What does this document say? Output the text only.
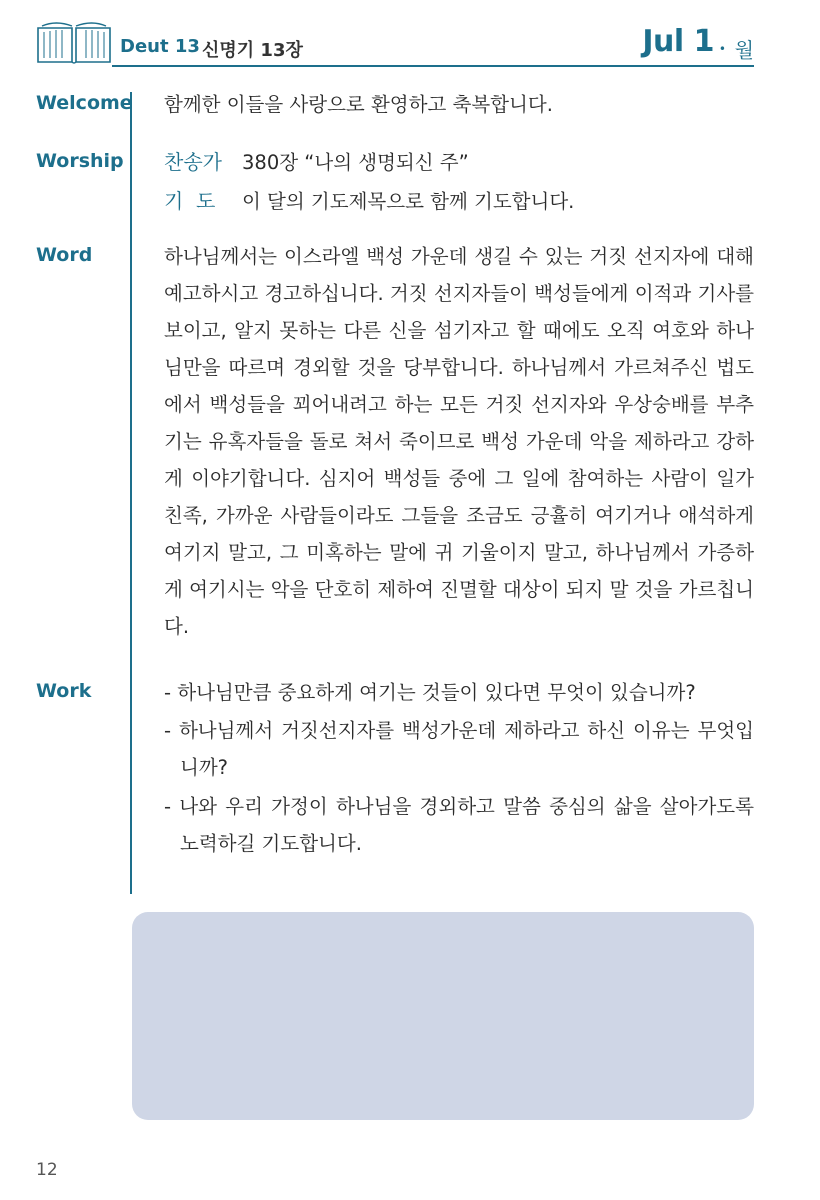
Deut 13 신명기 13장	Jul 1 • 월
Welcome 함께한 이들을 사랑으로 환영하고 축복합니다.
Worship 찬송가 380장 “나의 생명되신 주”
기  도 이 달의 기도제목으로 함께 기도합니다.
Word	하나님께서는 이스라엘 백성 가운데 생길 수 있는 거짓 선지자에 대해 예고하시고 경고하십니다. 거짓 선지자들이 백성들에게 이적과 기사를 보이고, 알지 못하는 다른 신을 섬기자고 할 때에도 오직 여호와 하나님만을 따르며 경외할 것을 당부합니다. 하나님께서 가르쳐주신 법도에서 백성들을 꾀어내려고 하는 모든 거짓 선지자와 우상숭배를 부추기는 유혹자들을 돌로 쳐서 죽이므로 백성 가운데 악을 제하라고 강하게 이야기합니다. 심지어 백성들 중에 그 일에 참여하는 사람이 일가 친족, 가까운 사람들이라도 그들을 조금도 긍휼히 여기거나 애석하게 여기지 말고, 그 미혹하는 말에 귀 기울이지 말고, 하나님께서 가증하게 여기시는 악을 단호히 제하여 진멸할 대상이 되지 말 것을 가르칩니다.
Work	- 하나님만큼 중요하게 여기는 것들이 있다면 무엇이 있습니까?
- 하나님께서 거짓선지자를 백성가운데 제하라고 하신 이유는 무엇입니까?
- 나와 우리 가정이 하나님을 경외하고 말씀 중심의 삶을 살아가도록 노력하길 기도합니다.
12
